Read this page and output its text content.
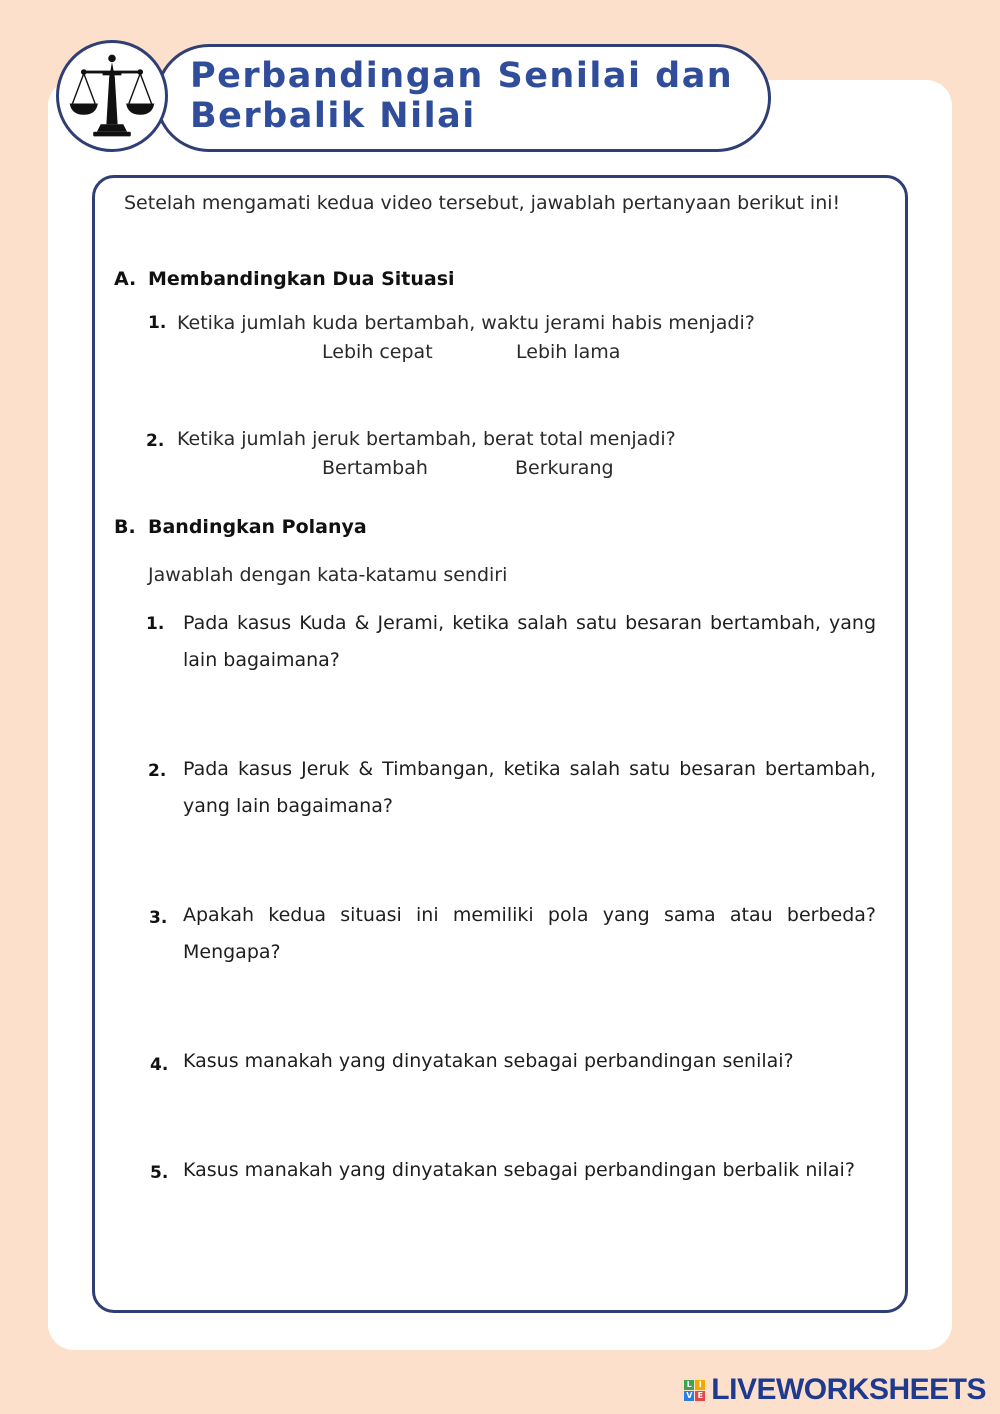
Perbandingan Senilai dan
Berbalik Nilai
Setelah mengamati kedua video tersebut, jawablah pertanyaan berikut ini!
A. Membandingkan Dua Situasi
1. Ketika jumlah kuda bertambah, waktu jerami habis menjadi?
Lebih cepat	Lebih lama
2. Ketika jumlah jeruk bertambah, berat total menjadi?
Bertambah	Berkurang
B. Bandingkan Polanya
Jawablah dengan kata-katamu sendiri
1. Pada kasus Kuda & Jerami, ketika salah satu besaran bertambah, yang lain bagaimana?
2. Pada kasus Jeruk & Timbangan, ketika salah satu besaran bertambah, yang lain bagaimana?
3. Apakah kedua situasi ini memiliki pola yang sama atau berbeda? Mengapa?
4. Kasus manakah yang dinyatakan sebagai perbandingan senilai?
5. Kasus manakah yang dinyatakan sebagai perbandingan berbalik nilai?
L I
V E LIVEWORKSHEETS
